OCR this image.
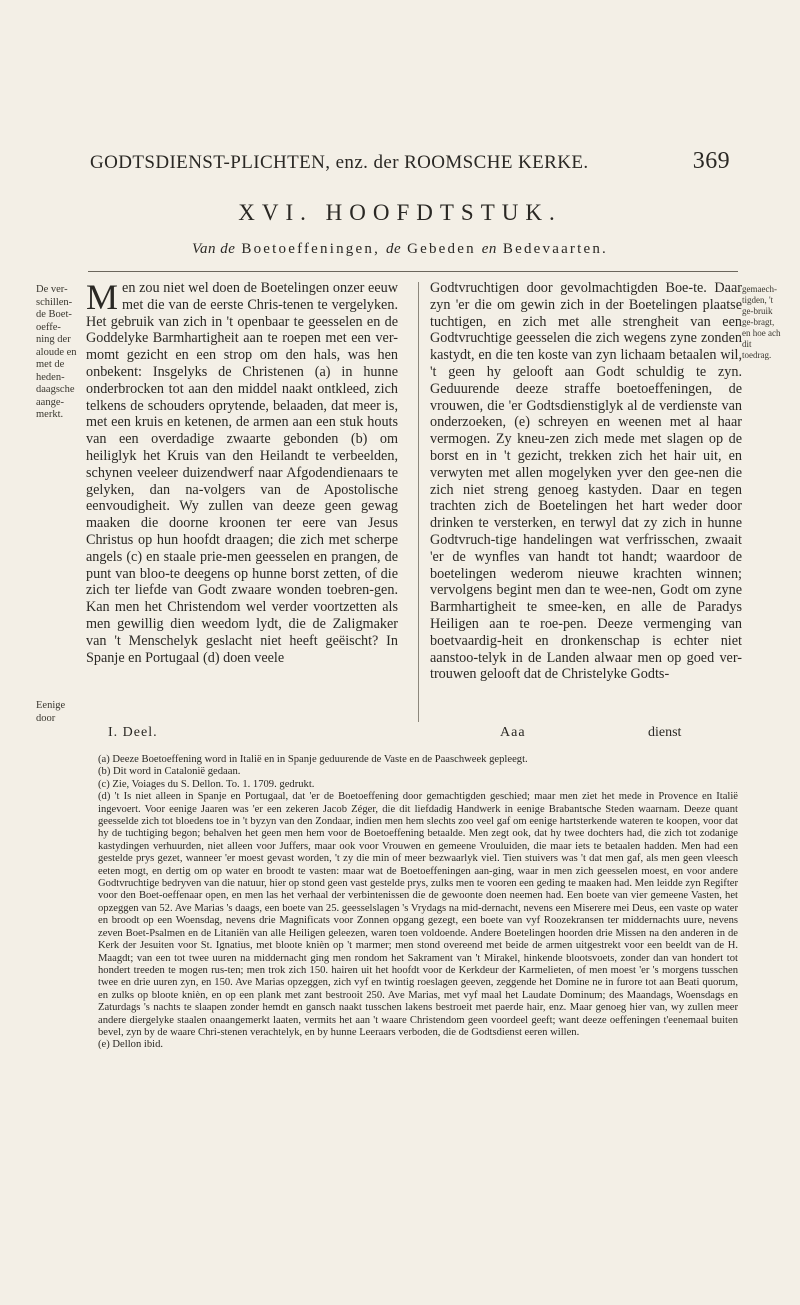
GODTSDIENST-PLICHTEN, enz. der ROOMSCHE KERKE.	369
XVI. HOOFDTSTUK.
Van de Boetoeffeningen, de Gebeden en Bedevaarten.
De ver-schillen-de Boet-oeffe-ning der aloude en met de heden-daagsche aange-merkt.
Eenige door
gemaech-tigden, 't ge-bruik ge-bragt, en hoe ach dit toedrag.
Men zou niet wel doen de Boetelingen onzer eeuw met die van de eerste Chris-tenen te vergelyken. Het gebruik van zich in 't openbaar te geesselen en de Goddelyke Barmhartigheit aan te roepen met een ver-momt gezicht en een strop om den hals, was hen onbekent: Insgelyks de Christenen (a) in hunne onderbrocken tot aan den middel naakt ontkleed, zich telkens de schouders oprytende, belaaden, dat meer is, met een kruis en ketenen, de armen aan een stuk houts van een overdadige zwaarte gebonden (b) om heiliglyk het Kruis van den Heilandt te verbeelden, schynen veeleer duizendwerf naar Afgodendienaars te gelyken, dan na-volgers van de Apostolische eenvoudigheit. Wy zullen van deeze geen gewag maaken die doorne kroonen ter eere van Jesus Christus op hun hoofdt draagen; die zich met scherpe angels (c) en staale prie-men geesselen en prangen, de punt van bloo-te deegens op hunne borst zetten, of die zich ter liefde van Godt zwaare wonden toebren-gen. Kan men het Christendom wel verder voortzetten als men gewillig dien weedom lydt, die de Zaligmaker van 't Menschelyk geslacht niet heeft geëischt? In Spanje en Portugaal (d) doen veele
Godtvruchtigen door gevolmachtigden Boe-te. Daar zyn 'er die om gewin zich in der Boetelingen plaatse tuchtigen, en zich met alle strengheit van een Godtvruchtige geesselen die zich wegens zyne zonden kastydt, en die ten koste van zyn lichaam betaalen wil, 't geen hy gelooft aan Godt schuldig te zyn. Geduurende deeze straffe boetoeffeningen, de vrouwen, die 'er Godtsdienstiglyk al de verdienste van onderzoeken, (e) schreyen en weenen met al haar vermogen. Zy kneu-zen zich mede met slagen op de borst en in 't gezicht, trekken zich het hair uit, en verwyten met allen mogelyken yver den gee-nen die zich niet streng genoeg kastyden. Daar en tegen trachten zich de Boetelingen het hart weder door drinken te versterken, en terwyl dat zy zich in hunne Godtvruch-tige handelingen wat verfrisschen, zwaait 'er de wynfles van handt tot handt; waardoor de boetelingen wederom nieuwe krachten winnen; vervolgens begint men dan te wee-nen, Godt om zyne Barmhartigheit te smee-ken, en alle de Paradys Heiligen aan te roe-pen. Deeze vermenging van boetvaardig-heit en dronkenschap is echter niet aanstoo-telyk in de Landen alwaar men op goed ver-trouwen gelooft dat de Christelyke Godts-
I. Deel.	Aaa	dienst

(a) Deeze Boetoeffening word in Italië en in Spanje geduurende de Vaste en de Paaschweek gepleegt.

(b) Dit word in Catalonië gedaan.

(c) Zie, Voiages du S. Dellon. To. 1. 1709. gedrukt.

(d) 't Is niet alleen in Spanje en Portugaal, dat 'er de Boetoeffening door gemachtigden geschied; maar men ziet het mede in Provence en Italië ingevoert. Voor eenige Jaaren was 'er een zekeren Jacob Zéger, die dit liefdadig Handwerk in eenige Brabantsche Steden waarnam. Deeze quant geesselde zich tot bloedens toe in 't byzyn van den Zondaar, indien men hem slechts zoo veel gaf om eenige hartsterkende wateren te koopen, voor dat hy de tuchtiging begon; behalven het geen men hem voor de Boetoeffening betaalde. Men zegt ook, dat hy twee dochters had, die zich tot zodanige kastydingen verhuurden, niet alleen voor Juffers, maar ook voor Vrouwen en gemeene Vrouluiden, die maar iets te betaalen hadden. Men had een gestelde prys gezet, wanneer 'er moest gevast worden, 't zy die min of meer bezwaarlyk viel. Tien stuivers was 't dat men gaf, als men geen vleesch eeten mogt, en dertig om op water en broodt te vasten: maar wat de Boetoeffeningen aan-ging, waar in men zich geesselen moest, en voor andere Godtvruchtige bedryven van die natuur, hier op stond geen vast gestelde prys, zulks men te vooren een geding te maaken had. Men leidde zyn Regifter voor den Boet-oeffenaar open, en men las het verhaal der verbintenissen die de gewoonte doen neemen had. Een boete van vier gemeene Vasten, het opzeggen van 52. Ave Marias 's daags, een boete van 25. geesselslagen 's Vrydags na mid-dernacht, nevens een Miserere mei Deus, een vaste op water en broodt op een Woensdag, nevens drie Magnificats voor Zonnen opgang gezegt, een boete van vyf Roozekransen ter middernachts uure, nevens zeven Boet-Psalmen en de Litaniën van alle Heiligen geleezen, waren toen voldoende. Andere Boetelingen hoorden drie Missen na den anderen in de Kerk der Jesuiten voor St. Ignatius, met bloote knièn op 't marmer; men stond overeend met beide de armen uitgestrekt voor een beeldt van de H. Maagdt; van een tot twee uuren na middernacht ging men rondom het Sakrament van 't Mirakel, hinkende blootsvoets, zonder dan van hondert tot hondert treeden te mogen rus-ten; men trok zich 150. hairen uit het hoofdt voor de Kerkdeur der Karmelieten, of men moest 'er 's morgens tusschen twee en drie uuren zyn, en 150. Ave Marias opzeggen, zich vyf en twintig roeslagen geeven, zeggende het Domine ne in furore tot aan Beati quorum, en zulks op bloote knièn, en op een plank met zant bestrooit 250. Ave Marias, met vyf maal het Laudate Dominum; des Maandags, Woensdags en Zaturdags 's nachts te slaapen zonder hemdt en gansch naakt tusschen lakens bestroeit met paerde hair, enz. Maar genoeg hier van, wy zullen meer andere diergelyke staalen onaangemerkt laaten, vermits het aan 't waare Christendom geen voordeel geeft; want deeze oeffeningen t'eenemaal buiten bevel, zyn by de waare Chri-stenen verachtelyk, en by hunne Leeraars verboden, die de Godtsdienst eeren willen.

(e) Dellon ibid.
